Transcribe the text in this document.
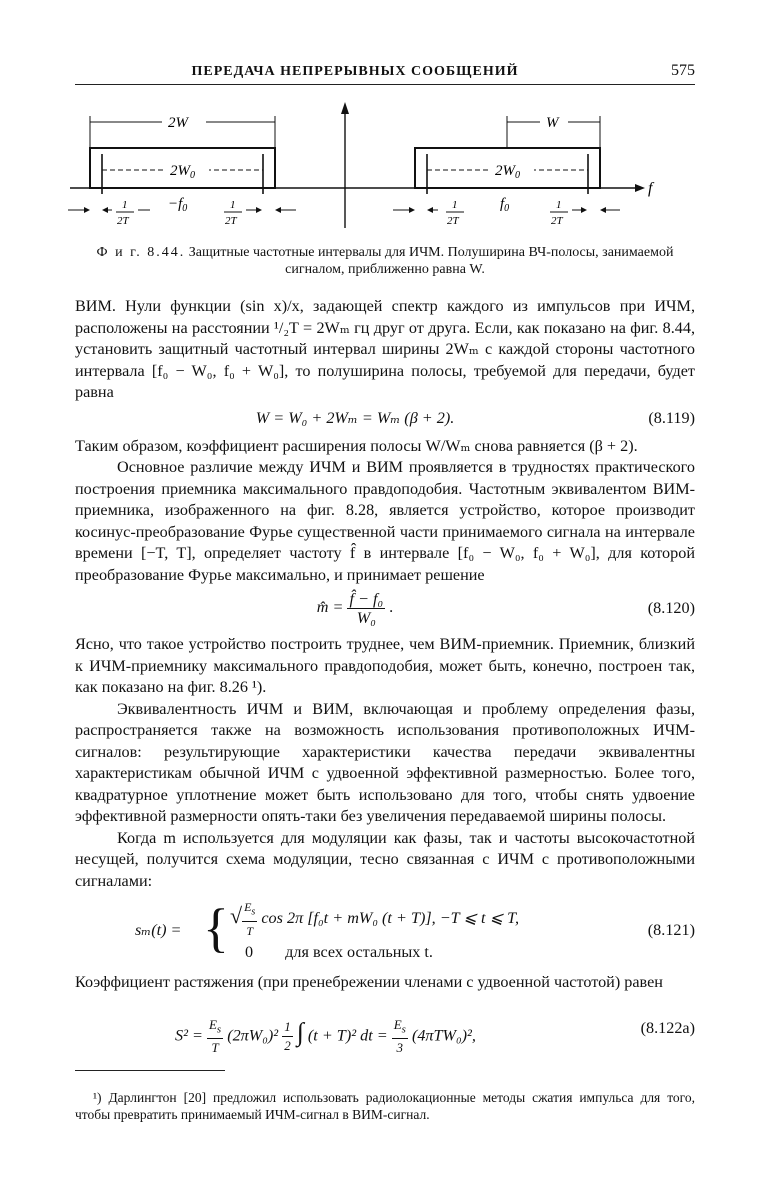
ПЕРЕДАЧА НЕПРЕРЫВНЫХ СООБЩЕНИЙ	575
f
2W
$2W_0$
$-f_0$
1
2T
1
2T
W
$2W_0$
$f_0$
1
2T
1
2T
Ф и г. 8.44. Защитные частотные интервалы для ИЧМ. Полуширина ВЧ-полосы, занимаемой сигналом, приближенно равна W.

ВИМ. Нули функции (sin x)/x, задающей спектр каждого из импульсов при ИЧМ, расположены на расстоянии ¹/₂T = 2Wₘ гц друг от друга. Если, как показано на фиг. 8.44, установить защитный частотный интервал ширины 2Wₘ с каждой стороны частотного интервала [f₀ − W₀, f₀ + W₀], то полуширина полосы, требуемой для передачи, будет равна

W = W₀ + 2Wₘ = Wₘ (β + 2).	(8.119)

Таким образом, коэффициент расширения полосы W/Wₘ снова равняется (β + 2).

Основное различие между ИЧМ и ВИМ проявляется в трудностях практического построения приемника максимального правдоподобия. Частотным эквивалентом ВИМ-приемника, изображенного на фиг. 8.28, является устройство, которое производит косинус-преобразование Фурье существенной части принимаемого сигнала на интервале времени [−T, T], определяет частоту f̂ в интервале [f₀ − W₀, f₀ + W₀], для которой преобразование Фурье максимально, и принимает решение

m̂ = $\frac{\text{f̂ − f₀}}{\text{W₀}}$ .	(8.120)

Ясно, что такое устройство построить труднее, чем ВИМ-приемник. Приемник, близкий к ИЧМ-приемнику максимального правдоподобия, может быть, конечно, построен так, как показано на фиг. 8.26 ¹).

Эквивалентность ИЧМ и ВИМ, включающая и проблему определения фазы, распространяется также на возможность использования противоположных ИЧМ-сигналов: результирующие характеристики качества передачи эквивалентны характеристикам обычной ИЧМ с удвоенной эффективной размерностью. Более того, квадратурное уплотнение может быть использовано для того, чтобы снять удвоение эффективной размерности опять-таки без увеличения передаваемой ширины полосы.

Когда m используется для модуляции как фазы, так и частоты высокочастотной несущей, получится схема модуляции, тесно связанная с ИЧМ с противоположными сигналами:

sₘ(t) = { √ $\frac{E_s}{T}$ cos 2π [f₀t + mW₀ (t + T)], −T ⩽ t ⩽ T,
0 для всех остальных t.
(8.121)

Коэффициент растяжения (при пренебрежении членами с удвоенной частотой) равен

$S^2 = \frac{E_s}{T} (2\pi W_0)^2 \frac{1}{2}$ ∫ (t + T)² dt = $\frac{E_s}{3} (4\pi TW_0)^2$,	(8.122a)

¹) Дарлингтон [20] предложил использовать радиолокационные методы сжатия импульса для того, чтобы превратить принимаемый ИЧМ-сигнал в ВИМ-сигнал.
